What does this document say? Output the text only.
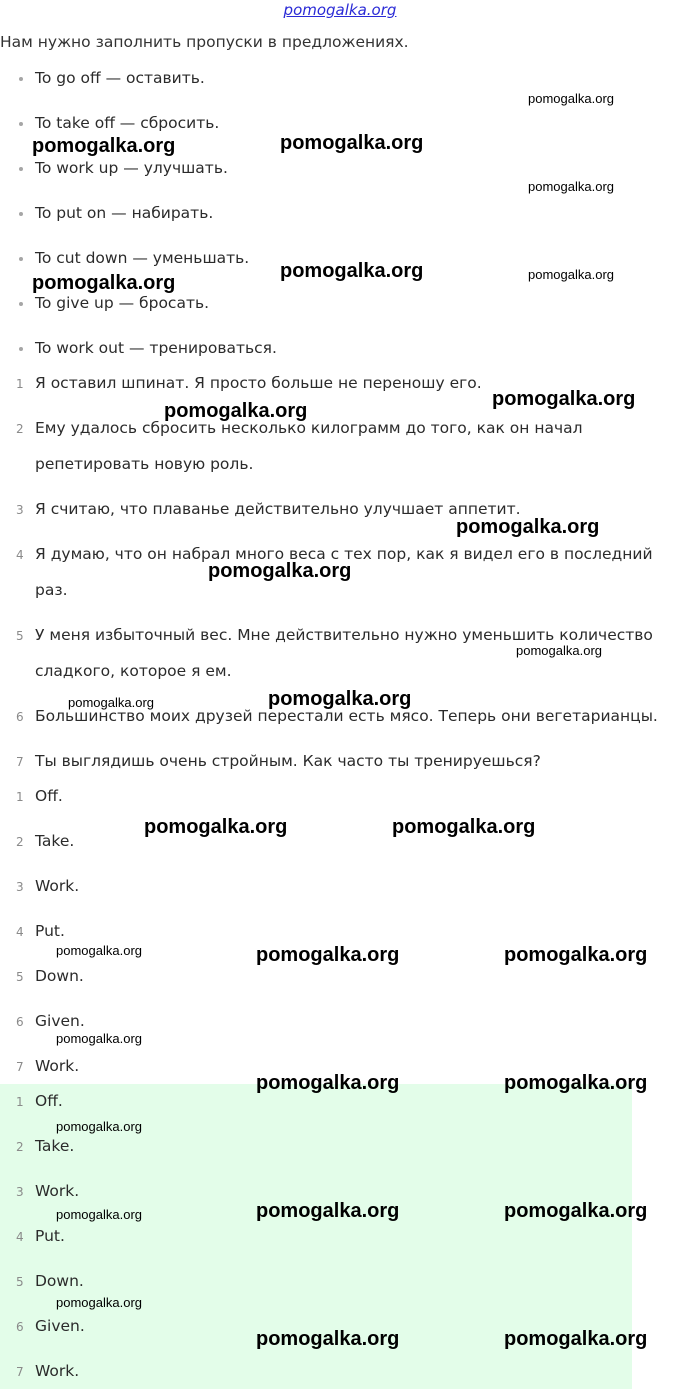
pomogalka.org
Нам нужно заполнить пропуски в предложениях.
To go off — оставить.
To take off — сбросить.
To work up — улучшать.
To put on — набирать.
To cut down — уменьшать.
To give up — бросать.
To work out — тренироваться.
1 Я оставил шпинат. Я просто больше не переношу его.
2 Ему удалось сбросить несколько килограмм до того, как он начал
репетировать новую роль.
3 Я считаю, что плаванье действительно улучшает аппетит.
4 Я думаю, что он набрал много веса с тех пор, как я видел его в последний
раз.
5 У меня избыточный вес. Мне действительно нужно уменьшить количество
сладкого, которое я ем.
6 Большинство моих друзей перестали есть мясо. Теперь они вегетарианцы.
7 Ты выглядишь очень стройным. Как часто ты тренируешься?
1 Off.
2 Take.
3 Work.
4 Put.
5 Down.
6 Given.
7 Work.
1 Off.
2 Take.
3 Work.
4 Put.
5 Down.
6 Given.
7 Work.
pomogalka.org
pomogalka.org	pomogalka.org
pomogalka.org
pomogalka.org
pomogalka.org	pomogalka.org
pomogalka.org
pomogalka.org
pomogalka.org
pomogalka.org
pomogalka.org
pomogalka.org	pomogalka.org
pomogalka.org	pomogalka.org
pomogalka.org	pomogalka.org	pomogalka.org
pomogalka.org
pomogalka.org	pomogalka.org
pomogalka.org
pomogalka.org	pomogalka.org	pomogalka.org
pomogalka.org
pomogalka.org	pomogalka.org
